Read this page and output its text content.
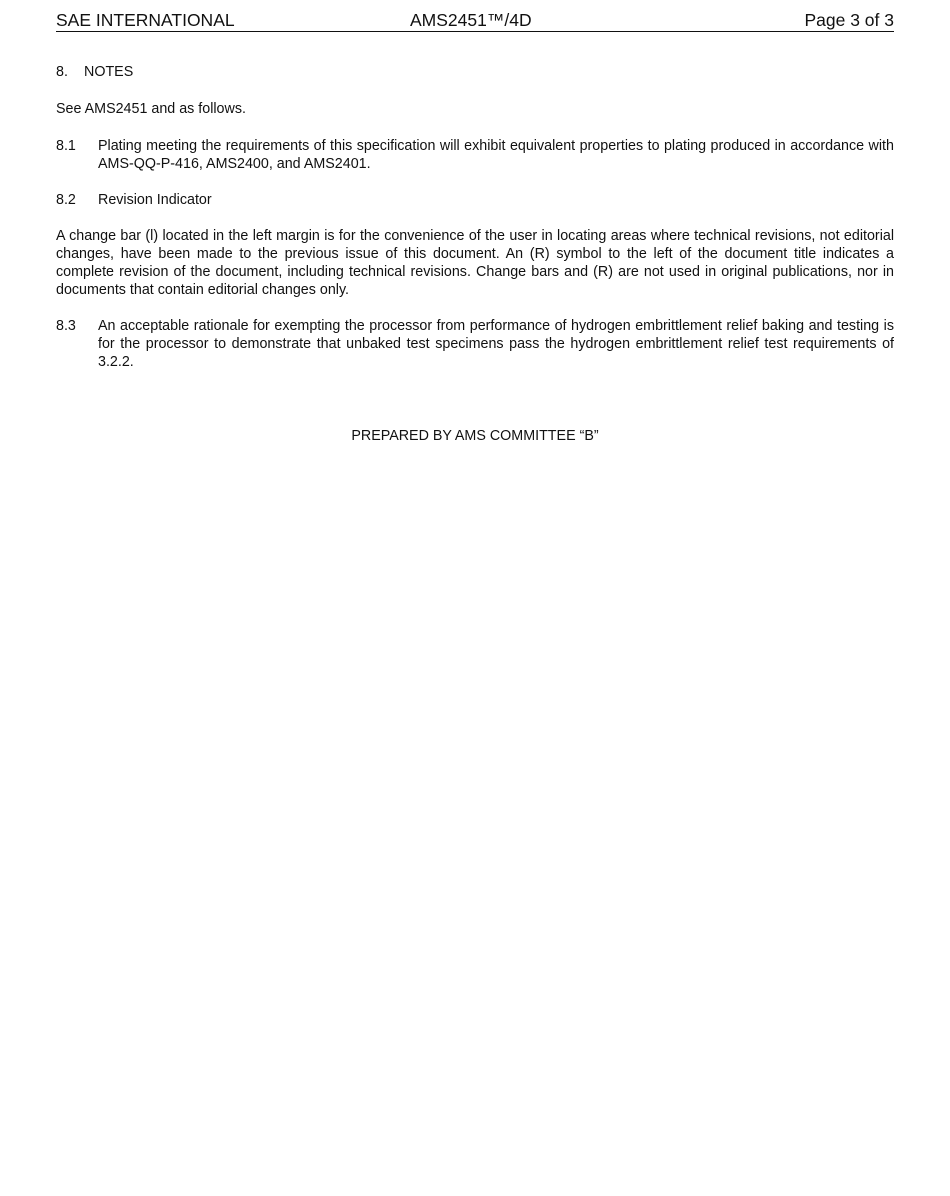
SAE INTERNATIONAL	AMS2451™/4D	Page 3 of 3
8. NOTES
See AMS2451 and as follows.
8.1 Plating meeting the requirements of this specification will exhibit equivalent properties to plating produced in accordance with AMS-QQ-P-416, AMS2400, and AMS2401.
8.2 Revision Indicator
A change bar (l) located in the left margin is for the convenience of the user in locating areas where technical revisions, not editorial changes, have been made to the previous issue of this document. An (R) symbol to the left of the document title indicates a complete revision of the document, including technical revisions. Change bars and (R) are not used in original publications, nor in documents that contain editorial changes only.
8.3 An acceptable rationale for exempting the processor from performance of hydrogen embrittlement relief baking and testing is for the processor to demonstrate that unbaked test specimens pass the hydrogen embrittlement relief test requirements of 3.2.2.
PREPARED BY AMS COMMITTEE “B”
